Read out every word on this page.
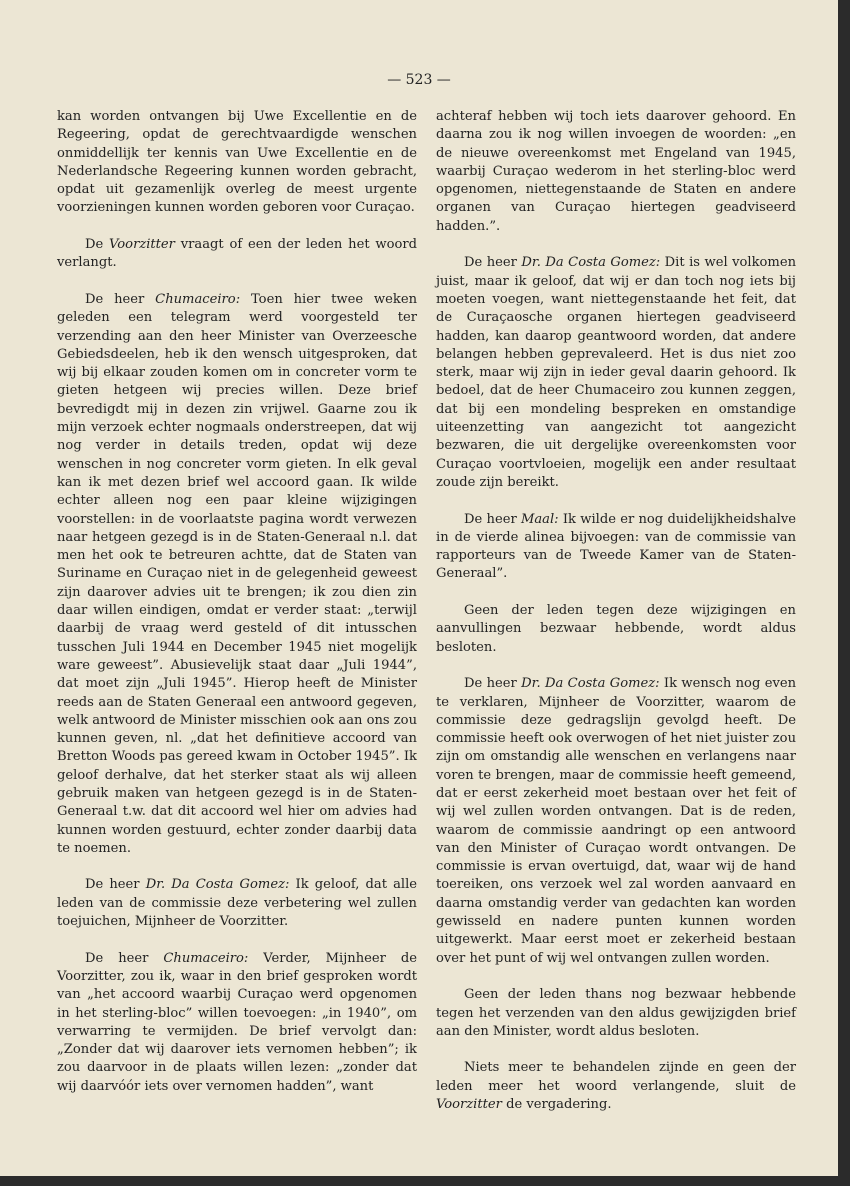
— 523 —

kan worden ontvangen bij Uwe Excellentie en de Regeering, opdat de gerechtvaardigde wenschen onmiddellijk ter kennis van Uwe Excellentie en de Nederlandsche Regeering kunnen worden gebracht, opdat uit gezamenlijk overleg de meest urgente voorzieningen kunnen worden geboren voor Curaçao.

De Voorzitter vraagt of een der leden het woord verlangt.

De heer Chumaceiro: Toen hier twee weken geleden een telegram werd voorgesteld ter verzending aan den heer Minister van Overzeesche Gebiedsdeelen, heb ik den wensch uitgesproken, dat wij bij elkaar zouden komen om in concreter vorm te gieten hetgeen wij precies willen. Deze brief bevredigdt mij in dezen zin vrijwel. Gaarne zou ik mijn verzoek echter nogmaals onderstreepen, dat wij nog verder in details treden, opdat wij deze wenschen in nog concreter vorm gieten. In elk geval kan ik met dezen brief wel accoord gaan. Ik wilde echter alleen nog een paar kleine wijzigingen voorstellen: in de voorlaatste pagina wordt verwezen naar hetgeen gezegd is in de Staten-Generaal n.l. dat men het ook te betreuren achtte, dat de Staten van Suriname en Curaçao niet in de gelegenheid geweest zijn daarover advies uit te brengen; ik zou dien zin daar willen eindigen, omdat er verder staat: „terwijl daarbij de vraag werd gesteld of dit intusschen tusschen Juli 1944 en December 1945 niet mogelijk ware geweest”. Abusievelijk staat daar „Juli 1944”, dat moet zijn „Juli 1945”. Hierop heeft de Minister reeds aan de Staten Generaal een antwoord gegeven, welk antwoord de Minister misschien ook aan ons zou kunnen geven, nl. „dat het definitieve accoord van Bretton Woods pas gereed kwam in October 1945”. Ik geloof derhalve, dat het sterker staat als wij alleen gebruik maken van hetgeen gezegd is in de Staten-Generaal t.w. dat dit accoord wel hier om advies had kunnen worden gestuurd, echter zonder daarbij data te noemen.

De heer Dr. Da Costa Gomez: Ik geloof, dat alle leden van de commissie deze verbetering wel zullen toejuichen, Mijnheer de Voorzitter.

De heer Chumaceiro: Verder, Mijnheer de Voorzitter, zou ik, waar in den brief gesproken wordt van „het accoord waarbij Curaçao werd opgenomen in het sterling-bloc” willen toevoegen: „in 1940”, om verwarring te vermijden. De brief vervolgt dan: „Zonder dat wij daarover iets vernomen hebben”; ik zou daarvoor in de plaats willen lezen: „zonder dat wij daarvóór iets over vernomen hadden”, want

achteraf hebben wij toch iets daarover gehoord. En daarna zou ik nog willen invoegen de woorden: „en de nieuwe overeenkomst met Engeland van 1945, waarbij Curaçao wederom in het sterling-bloc werd opgenomen, niettegenstaande de Staten en andere organen van Curaçao hiertegen geadviseerd hadden.”.

De heer Dr. Da Costa Gomez: Dit is wel volkomen juist, maar ik geloof, dat wij er dan toch nog iets bij moeten voegen, want niettegenstaande het feit, dat de Curaçaosche organen hiertegen geadviseerd hadden, kan daarop geantwoord worden, dat andere belangen hebben geprevaleerd. Het is dus niet zoo sterk, maar wij zijn in ieder geval daarin gehoord. Ik bedoel, dat de heer Chumaceiro zou kunnen zeggen, dat bij een mondeling bespreken en omstandige uiteenzetting van aangezicht tot aangezicht bezwaren, die uit dergelijke overeenkomsten voor Curaçao voortvloeien, mogelijk een ander resultaat zoude zijn bereikt.

De heer Maal: Ik wilde er nog duidelijkheidshalve in de vierde alinea bijvoegen: van de commissie van rapporteurs van de Tweede Kamer van de Staten-Generaal”.

Geen der leden tegen deze wijzigingen en aanvullingen bezwaar hebbende, wordt aldus besloten.

De heer Dr. Da Costa Gomez: Ik wensch nog even te verklaren, Mijnheer de Voorzitter, waarom de commissie deze gedragslijn gevolgd heeft. De commissie heeft ook overwogen of het niet juister zou zijn om omstandig alle wenschen en verlangens naar voren te brengen, maar de commissie heeft gemeend, dat er eerst zekerheid moet bestaan over het feit of wij wel zullen worden ontvangen. Dat is de reden, waarom de commissie aandringt op een antwoord van den Minister of Curaçao wordt ontvangen. De commissie is ervan overtuigd, dat, waar wij de hand toereiken, ons verzoek wel zal worden aanvaard en daarna omstandig verder van gedachten kan worden gewisseld en nadere punten kunnen worden uitgewerkt. Maar eerst moet er zekerheid bestaan over het punt of wij wel ontvangen zullen worden.

Geen der leden thans nog bezwaar hebbende tegen het verzenden van den aldus gewijzigden brief aan den Minister, wordt aldus besloten.

Niets meer te behandelen zijnde en geen der leden meer het woord verlangende, sluit de Voorzitter de vergadering.
